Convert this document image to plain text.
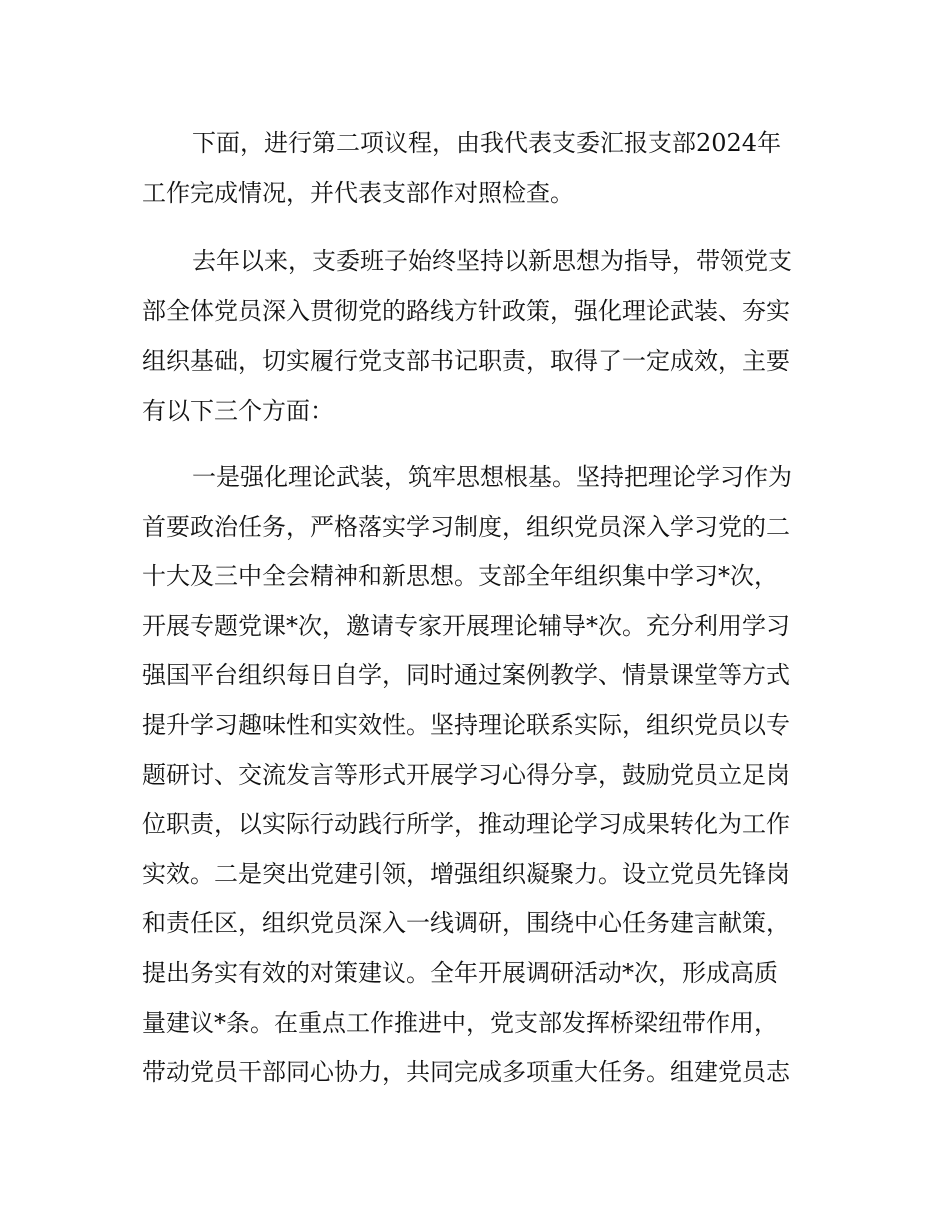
下面，进行第二项议程，由我代表支委汇报支部2024年
工作完成情况，并代表支部作对照检查。
去年以来，支委班子始终坚持以新思想为指导，带领党支
部全体党员深入贯彻党的路线方针政策，强化理论武装、夯实
组织基础，切实履行党支部书记职责，取得了一定成效，主要
有以下三个方面：
一是强化理论武装，筑牢思想根基。坚持把理论学习作为
首要政治任务，严格落实学习制度，组织党员深入学习党的二
十大及三中全会精神和新思想。支部全年组织集中学习*次，
开展专题党课*次，邀请专家开展理论辅导*次。充分利用学习
强国平台组织每日自学，同时通过案例教学、情景课堂等方式
提升学习趣味性和实效性。坚持理论联系实际，组织党员以专
题研讨、交流发言等形式开展学习心得分享，鼓励党员立足岗
位职责，以实际行动践行所学，推动理论学习成果转化为工作
实效。二是突出党建引领，增强组织凝聚力。设立党员先锋岗
和责任区，组织党员深入一线调研，围绕中心任务建言献策，
提出务实有效的对策建议。全年开展调研活动*次，形成高质
量建议*条。在重点工作推进中，党支部发挥桥梁纽带作用，
带动党员干部同心协力，共同完成多项重大任务。组建党员志
